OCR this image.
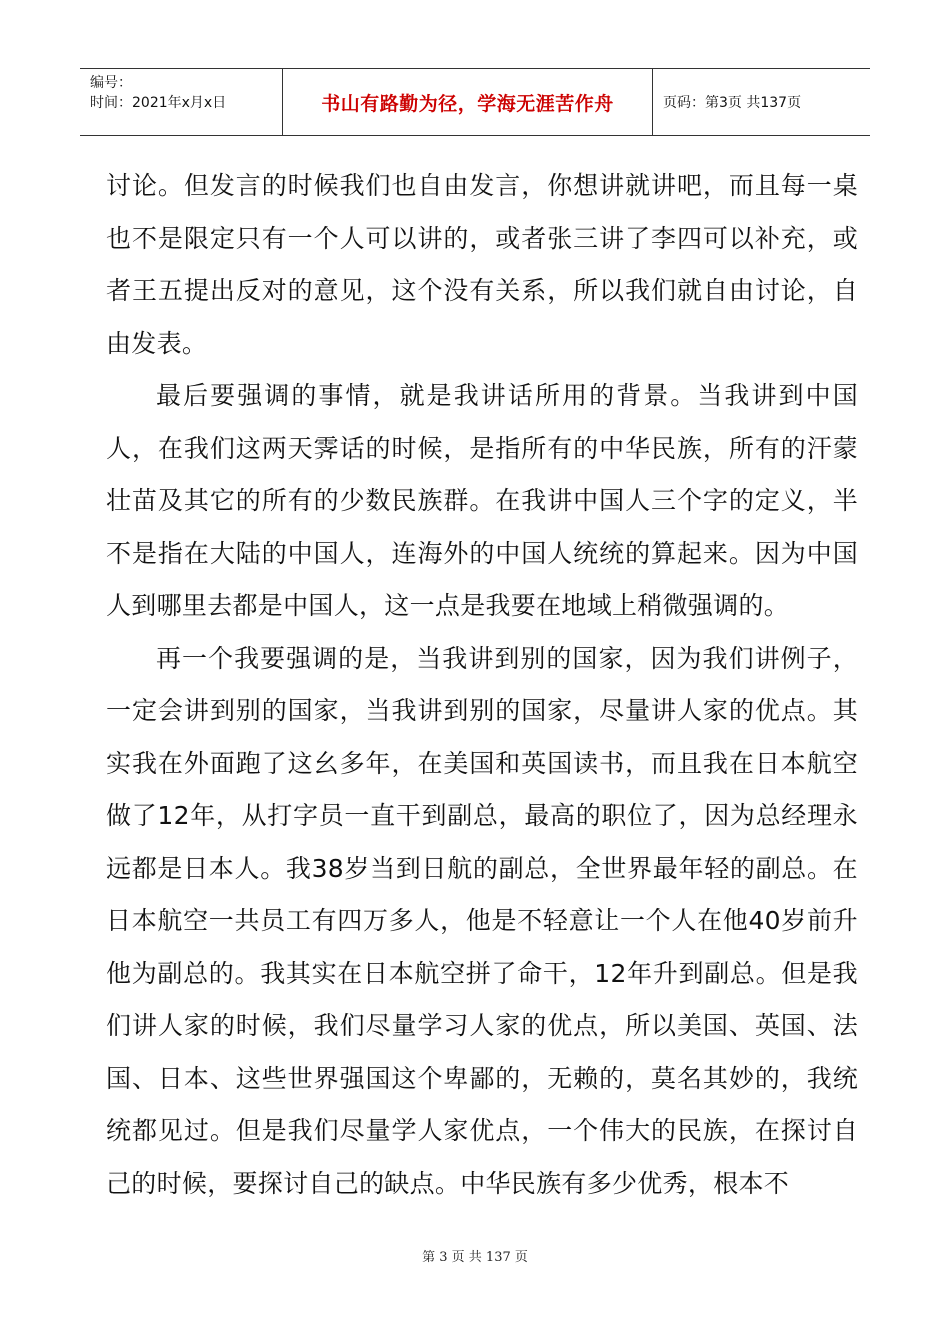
编号：
时间：2021年x月x日	书山有路勤为径，学海无涯苦作舟	页码：第3页 共137页

讨论。但发言的时候我们也自由发言，你想讲就讲吧，而且每一桌也不是限定只有一个人可以讲的，或者张三讲了李四可以补充，或者王五提出反对的意见，这个没有关系，所以我们就自由讨论，自由发表。

最后要强调的事情，就是我讲话所用的背景。当我讲到中国人，在我们这两天霁话的时候，是指所有的中华民族，所有的汗蒙壮苗及其它的所有的少数民族群。在我讲中国人三个字的定义，半不是指在大陆的中国人，连海外的中国人统统的算起来。因为中国人到哪里去都是中国人，这一点是我要在地域上稍微强调的。

再一个我要强调的是，当我讲到别的国家，因为我们讲例子，一定会讲到别的国家，当我讲到别的国家，尽量讲人家的优点。其实我在外面跑了这幺多年，在美国和英国读书，而且我在日本航空做了12年，从打字员一直干到副总，最高的职位了，因为总经理永远都是日本人。我38岁当到日航的副总，全世界最年轻的副总。在日本航空一共员工有四万多人，他是不轻意让一个人在他40岁前升他为副总的。我其实在日本航空拼了命干，12年升到副总。但是我们讲人家的时候，我们尽量学习人家的优点，所以美国、英国、法国、日本、这些世界强国这个卑鄙的，无赖的，莫名其妙的，我统统都见过。但是我们尽量学人家优点，一个伟大的民族，在探讨自己的时候，要探讨自己的缺点。中华民族有多少优秀，根本不

第 3 页 共 137 页
